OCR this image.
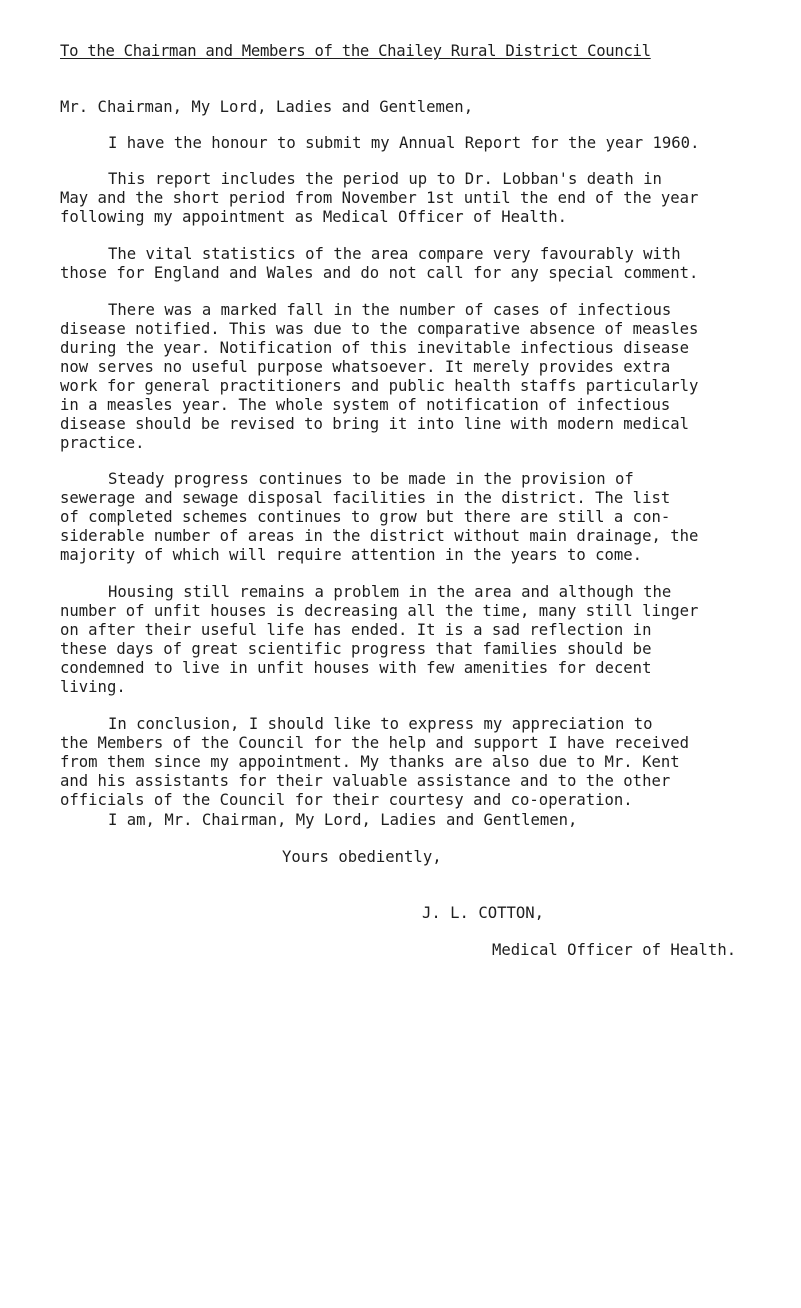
To the Chairman and Members of the Chailey Rural District Council
Mr. Chairman, My Lord, Ladies and Gentlemen,
I have the honour to submit my Annual Report for the year 1960.
This report includes the period up to Dr. Lobban's death in
May and the short period from November 1st until the end of the year
following my appointment as Medical Officer of Health.
The vital statistics of the area compare very favourably with
those for England and Wales and do not call for any special comment.
There was a marked fall in the number of cases of infectious
disease notified. This was due to the comparative absence of measles
during the year. Notification of this inevitable infectious disease
now serves no useful purpose whatsoever. It merely provides extra
work for general practitioners and public health staffs particularly
in a measles year. The whole system of notification of infectious
disease should be revised to bring it into line with modern medical
practice.
Steady progress continues to be made in the provision of
sewerage and sewage disposal facilities in the district. The list
of completed schemes continues to grow but there are still a con-
siderable number of areas in the district without main drainage, the
majority of which will require attention in the years to come.
Housing still remains a problem in the area and although the
number of unfit houses is decreasing all the time, many still linger
on after their useful life has ended. It is a sad reflection in
these days of great scientific progress that families should be
condemned to live in unfit houses with few amenities for decent
living.
In conclusion, I should like to express my appreciation to
the Members of the Council for the help and support I have received
from them since my appointment. My thanks are also due to Mr. Kent
and his assistants for their valuable assistance and to the other
officials of the Council for their courtesy and co-operation.
I am, Mr. Chairman, My Lord, Ladies and Gentlemen,
Yours obediently,
J. L. COTTON,
Medical Officer of Health.
